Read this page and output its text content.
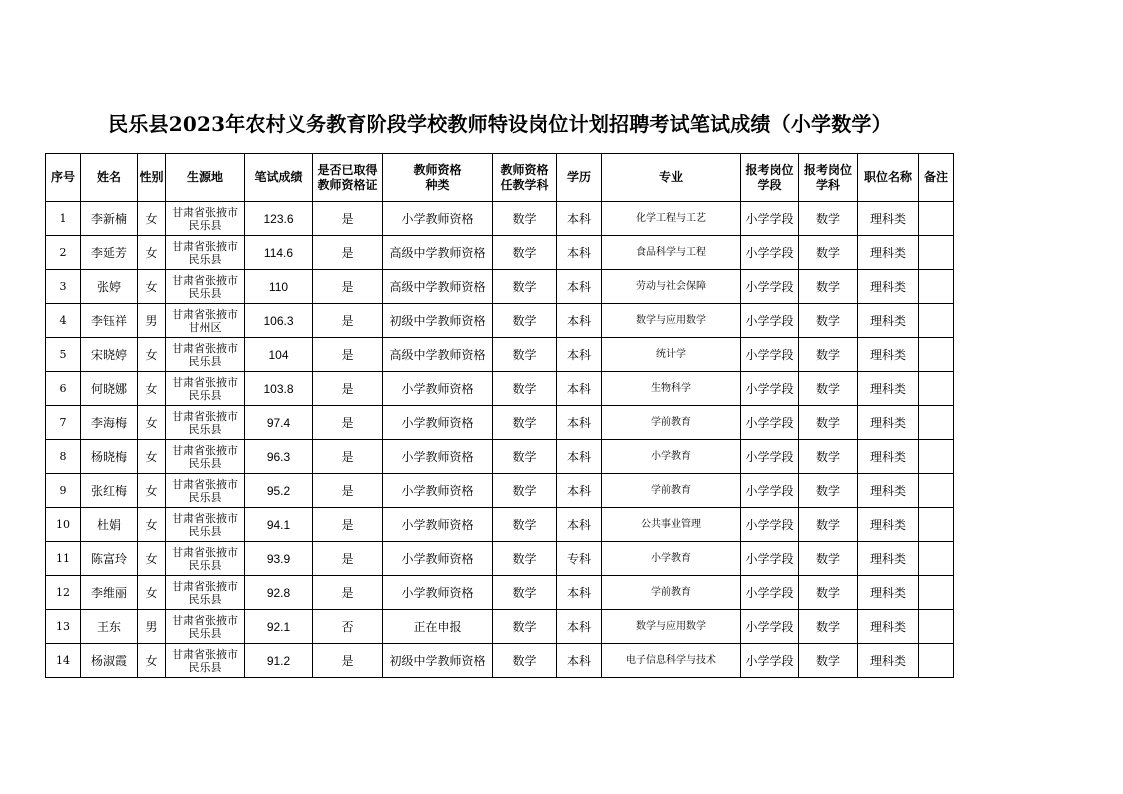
民乐县2023年农村义务教育阶段学校教师特设岗位计划招聘考试笔试成绩（小学数学）
序号	姓名	性别	生源地	笔试成绩	是否已取得
教师资格证	教师资格
种类	教师资格
任教学科	学历	专业	报考岗位
学段	报考岗位
学科	职位名称	备注
1	李新楠	女	甘肃省张掖市
民乐县	123.6	是	小学教师资格	数学	本科	化学工程与工艺	小学学段	数学	理科类	
2	李延芳	女	甘肃省张掖市
民乐县	114.6	是	高级中学教师资格	数学	本科	食品科学与工程	小学学段	数学	理科类	
3	张婷	女	甘肃省张掖市
民乐县	110	是	高级中学教师资格	数学	本科	劳动与社会保障	小学学段	数学	理科类	
4	李钰祥	男	甘肃省张掖市
甘州区	106.3	是	初级中学教师资格	数学	本科	数学与应用数学	小学学段	数学	理科类	
5	宋晓婷	女	甘肃省张掖市
民乐县	104	是	高级中学教师资格	数学	本科	统计学	小学学段	数学	理科类	
6	何晓娜	女	甘肃省张掖市
民乐县	103.8	是	小学教师资格	数学	本科	生物科学	小学学段	数学	理科类	
7	李海梅	女	甘肃省张掖市
民乐县	97.4	是	小学教师资格	数学	本科	学前教育	小学学段	数学	理科类	
8	杨晓梅	女	甘肃省张掖市
民乐县	96.3	是	小学教师资格	数学	本科	小学教育	小学学段	数学	理科类	
9	张红梅	女	甘肃省张掖市
民乐县	95.2	是	小学教师资格	数学	本科	学前教育	小学学段	数学	理科类	
10	杜娟	女	甘肃省张掖市
民乐县	94.1	是	小学教师资格	数学	本科	公共事业管理	小学学段	数学	理科类	
11	陈富玲	女	甘肃省张掖市
民乐县	93.9	是	小学教师资格	数学	专科	小学教育	小学学段	数学	理科类	
12	李维丽	女	甘肃省张掖市
民乐县	92.8	是	小学教师资格	数学	本科	学前教育	小学学段	数学	理科类	
13	王东	男	甘肃省张掖市
民乐县	92.1	否	正在申报	数学	本科	数学与应用数学	小学学段	数学	理科类	
14	杨淑霞	女	甘肃省张掖市
民乐县	91.2	是	初级中学教师资格	数学	本科	电子信息科学与技术	小学学段	数学	理科类	
